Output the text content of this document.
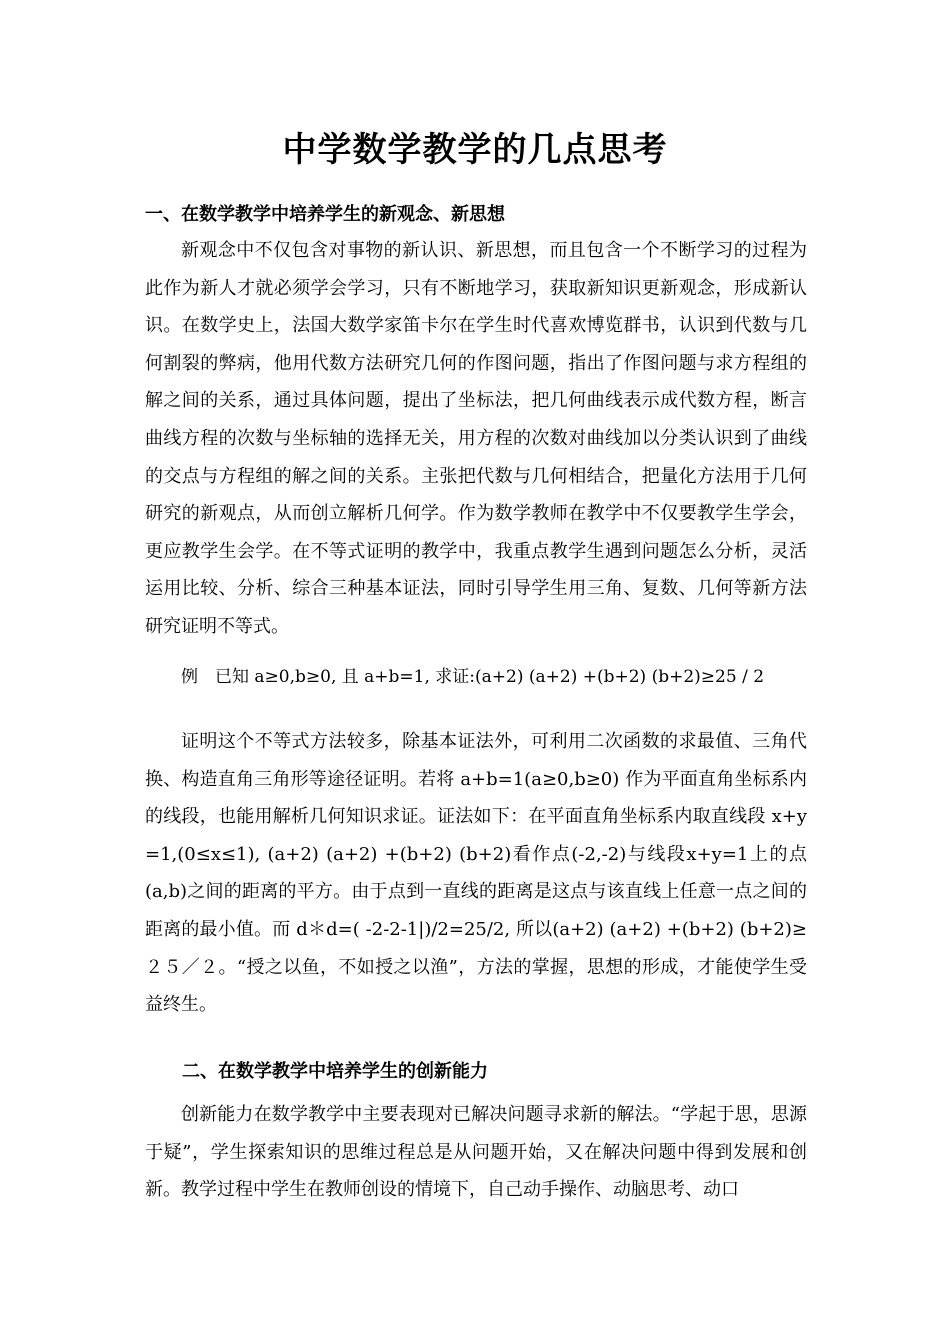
中学数学教学的几点思考
一、在数学教学中培养学生的新观念、新思想

新观念中不仅包含对事物的新认识、新思想，而且包含一个不断学习的过程为此作为新人才就必须学会学习，只有不断地学习，获取新知识更新观念，形成新认识。在数学史上，法国大数学家笛卡尔在学生时代喜欢博览群书，认识到代数与几何割裂的弊病，他用代数方法研究几何的作图问题，指出了作图问题与求方程组的解之间的关系，通过具体问题，提出了坐标法，把几何曲线表示成代数方程，断言曲线方程的次数与坐标轴的选择无关，用方程的次数对曲线加以分类认识到了曲线的交点与方程组的解之间的关系。主张把代数与几何相结合，把量化方法用于几何研究的新观点，从而创立解析几何学。作为数学教师在教学中不仅要教学生学会，更应教学生会学。在不等式证明的教学中，我重点教学生遇到问题怎么分析，灵活运用比较、分析、综合三种基本证法，同时引导学生用三角、复数、几何等新方法研究证明不等式。

例　已知 a≥0,b≥0, 且 a+b=1, 求证:(a+2) (a+2) +(b+2) (b+2)≥25 / 2

证明这个不等式方法较多，除基本证法外，可利用二次函数的求最值、三角代换、构造直角三角形等途径证明。若将 a+b=1(a≥0,b≥0) 作为平面直角坐标系内的线段，也能用解析几何知识求证。证法如下：在平面直角坐标系内取直线段 x+y=1,(0≤x≤1), (a+2) (a+2) +(b+2) (b+2)看作点(-2,-2)与线段x+y=1上的点(a,b)之间的距离的平方。由于点到一直线的距离是这点与该直线上任意一点之间的距离的最小值。而 d＊d=( -2-2-1|)/2=25/2, 所以(a+2) (a+2) +(b+2) (b+2)≥２５／２。“授之以鱼，不如授之以渔”，方法的掌握，思想的形成，才能使学生受益终生。

二、在数学教学中培养学生的创新能力

创新能力在数学教学中主要表现对已解决问题寻求新的解法。“学起于思，思源于疑”，学生探索知识的思维过程总是从问题开始，又在解决问题中得到发展和创新。教学过程中学生在教师创设的情境下，自己动手操作、动脑思考、动口
